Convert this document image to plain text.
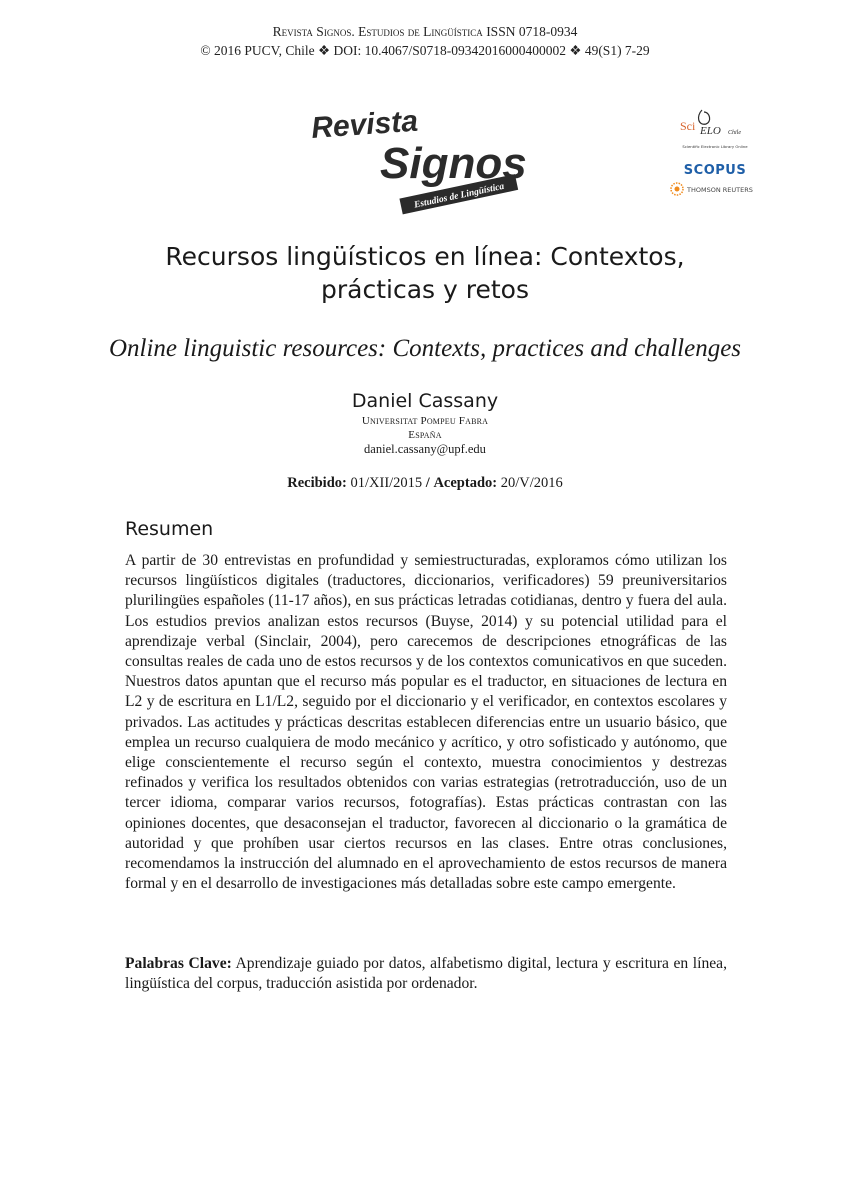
Revista Signos. Estudios de Lingüística ISSN 0718-0934
© 2016 PUCV, Chile ❖ DOI: 10.4067/S0718-09342016000400002 ❖ 49(S1) 7-29
Revista
Signos
Estudios de Lingüística
Sci ELO Chile
Scientific Electronic Library Online
SCOPUS
THOMSON REUTERS
Recursos lingüísticos en línea: Contextos,
prácticas y retos
Online linguistic resources: Contexts, practices and challenges
Daniel Cassany
Universitat Pompeu Fabra
España
daniel.cassany@upf.edu
Recibido: 01/XII/2015 / Aceptado: 20/V/2016
Resumen

A partir de 30 entrevistas en profundidad y semiestructuradas, exploramos cómo utilizan los recursos lingüísticos digitales (traductores, diccionarios, verificadores) 59 preuniversitarios plurilingües españoles (11-17 años), en sus prácticas letradas cotidianas, dentro y fuera del aula. Los estudios previos analizan estos recursos (Buyse, 2014) y su potencial utilidad para el aprendizaje verbal (Sinclair, 2004), pero carecemos de descripciones etnográficas de las consultas reales de cada uno de estos recursos y de los contextos comunicativos en que suceden. Nuestros datos apuntan que el recurso más popular es el traductor, en situaciones de lectura en L2 y de escritura en L1/L2, seguido por el diccionario y el verificador, en contextos escolares y privados. Las actitudes y prácticas descritas establecen diferencias entre un usuario básico, que emplea un recurso cualquiera de modo mecánico y acrítico, y otro sofisticado y autónomo, que elige conscientemente el recurso según el contexto, muestra conocimientos y destrezas refinados y verifica los resultados obtenidos con varias estrategias (retrotraducción, uso de un tercer idioma, comparar varios recursos, fotografías). Estas prácticas contrastan con las opiniones docentes, que desaconsejan el traductor, favorecen al diccionario o la gramática de autoridad y que prohíben usar ciertos recursos en las clases. Entre otras conclusiones, recomendamos la instrucción del alumnado en el aprovechamiento de estos recursos de manera formal y en el desarrollo de investigaciones más detalladas sobre este campo emergente.

Palabras Clave: Aprendizaje guiado por datos, alfabetismo digital, lectura y escritura en línea, lingüística del corpus, traducción asistida por ordenador.
